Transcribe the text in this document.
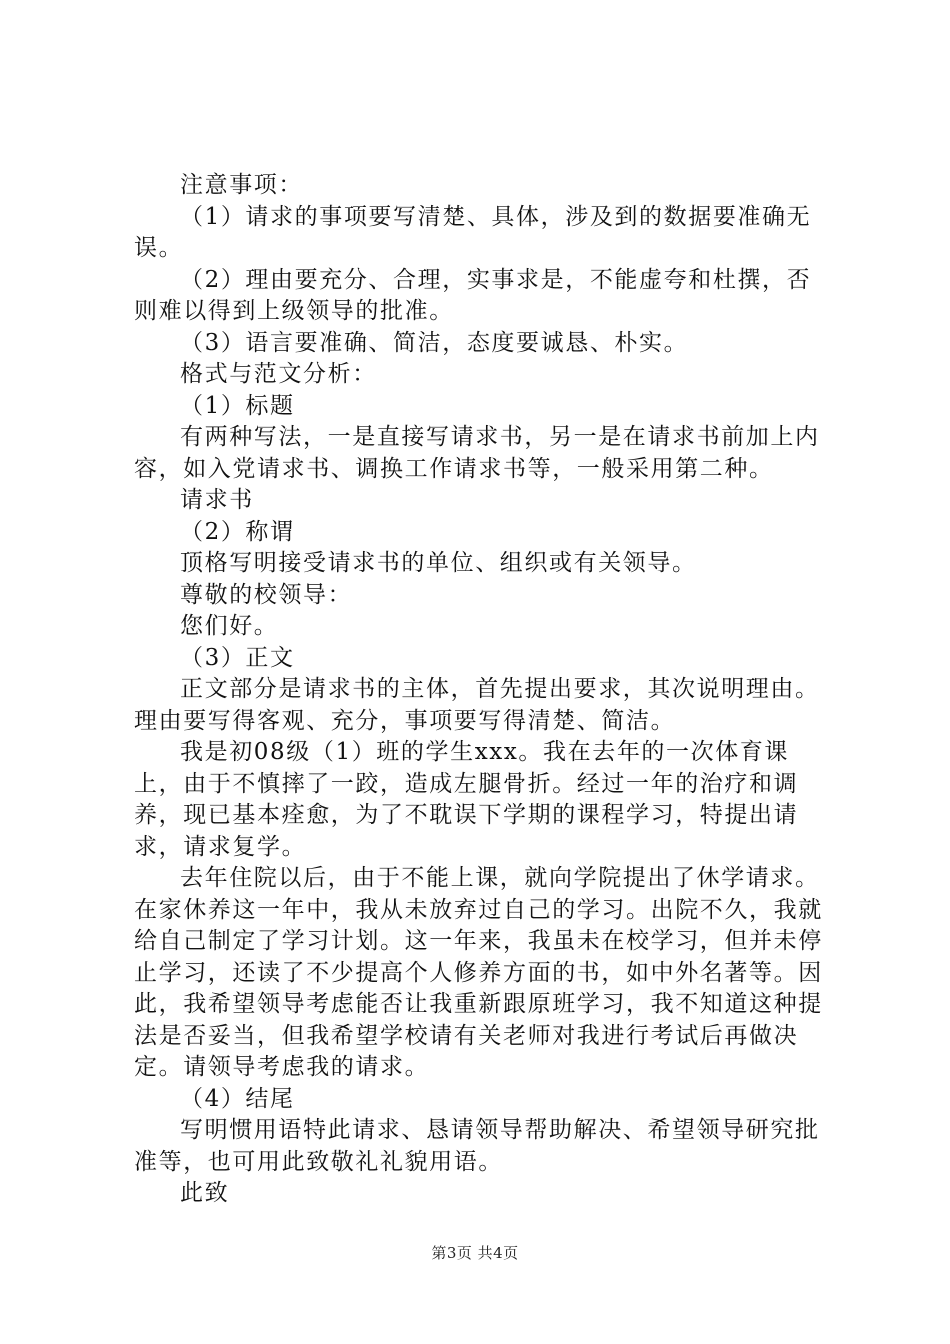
注意事项：

（1）请求的事项要写清楚、具体，涉及到的数据要准确无误。

（2）理由要充分、合理，实事求是，不能虚夸和杜撰，否则难以得到上级领导的批准。

（3）语言要准确、简洁，态度要诚恳、朴实。

格式与范文分析：

（1）标题

有两种写法，一是直接写请求书，另一是在请求书前加上内容，如入党请求书、调换工作请求书等，一般采用第二种。

请求书

（2）称谓

顶格写明接受请求书的单位、组织或有关领导。

尊敬的校领导：

您们好。

（3）正文

正文部分是请求书的主体，首先提出要求，其次说明理由。理由要写得客观、充分，事项要写得清楚、简洁。

我是初08级（1）班的学生xxx。我在去年的一次体育课上，由于不慎摔了一跤，造成左腿骨折。经过一年的治疗和调养，现已基本痊愈，为了不耽误下学期的课程学习，特提出请求，请求复学。

去年住院以后，由于不能上课，就向学院提出了休学请求。在家休养这一年中，我从未放弃过自己的学习。出院不久，我就给自己制定了学习计划。这一年来，我虽未在校学习，但并未停止学习，还读了不少提高个人修养方面的书，如中外名著等。因此，我希望领导考虑能否让我重新跟原班学习，我不知道这种提法是否妥当，但我希望学校请有关老师对我进行考试后再做决定。请领导考虑我的请求。

（4）结尾

写明惯用语特此请求、恳请领导帮助解决、希望领导研究批准等，也可用此致敬礼礼貌用语。

此致

第3页 共4页
